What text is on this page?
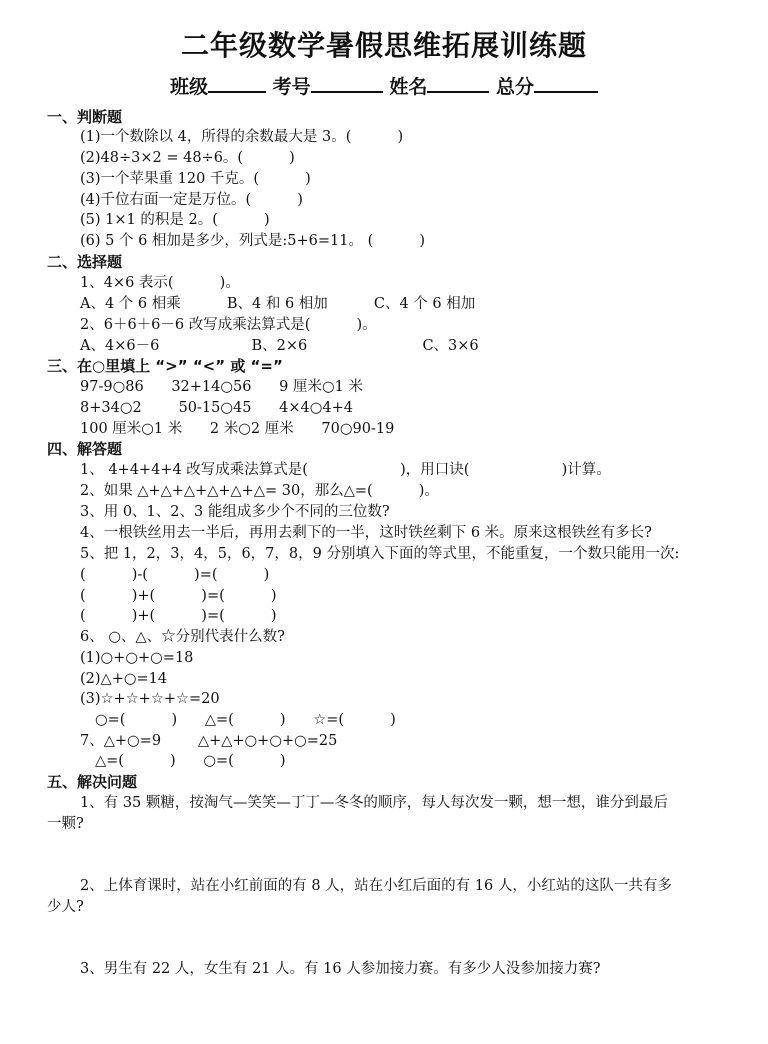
二年级数学暑假思维拓展训练题
班级	考号	姓名	总分
一、判断题
(1)一个数除以 4，所得的余数最大是 3。(          )
(2)48÷3×2 = 48÷6。(          )
(3)一个苹果重 120 千克。(          )
(4)千位右面一定是万位。(          )
(5) 1×1 的积是 2。(          )
(6) 5 个 6 相加是多少，列式是:5+6=11。 (          )
二、选择题
1、4×6 表示(          )。
A、4 个 6 相乘          B、4 和 6 相加          C、4 个 6 相加
2、6＋6＋6－6 改写成乘法算式是(          )。
A、4×6－6                    B、2×6                         C、3×6
三、在○里填上 “>” “<” 或 “=”
97-9○86      32+14○56      9 厘米○1 米
8+34○2        50-15○45      4×4○4+4
100 厘米○1 米      2 米○2 厘米      70○90-19
四、解答题
1、 4+4+4+4 改写成乘法算式是(                    )，用口诀(                    )计算。
2、如果 △+△+△+△+△+△= 30，那么△=(          )。
3、用 0、1、2、3 能组成多少个不同的三位数?
4、一根铁丝用去一半后，再用去剩下的一半，这时铁丝剩下 6 米。原来这根铁丝有多长?
5、把 1，2，3，4，5，6，7，8，9 分别填入下面的等式里，不能重复，一个数只能用一次:
(          )-(          )=(          )
(          )+(          )=(          )
(          )+(          )=(          )
6、 ○、△、☆分别代表什么数?
(1)○+○+○=18
(2)△+○=14
(3)☆+☆+☆+☆=20
○=(          )      △=(          )      ☆=(          )
7、△+○=9        △+△+○+○+○=25
△=(          )      ○=(          )
五、解决问题
1、有 35 颗糖，按淘气—笑笑—丁丁—冬冬的顺序，每人每次发一颗，想一想，谁分到最后
一颗?
2、上体育课时，站在小红前面的有 8 人，站在小红后面的有 16 人，小红站的这队一共有多
少人?
3、男生有 22 人，女生有 21 人。有 16 人参加接力赛。有多少人没参加接力赛?
